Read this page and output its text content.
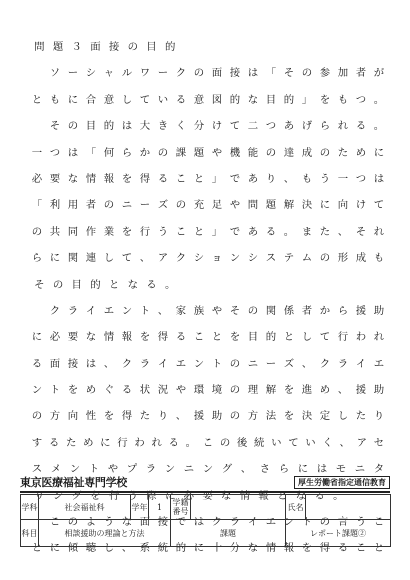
問 題 ３ 面 接 の 目 的

ソ ー シ ャ ル ワ ー ク の 面 接 は 「 そ の 参 加 者 が
と も に 合 意 し て い る 意 図 的 な 目 的 」 を も つ 。

そ の 目 的 は 大 き く 分 け て 二 つ あ げ ら れ る 。
一 つ は 「 何 ら か の 課 題 や 機 能 の 達 成 の た め に
必 要 な 情 報 を 得 る こ と 」 で あ り 、 も う 一 つ は
「 利 用 者 の ニ ー ズ の 充 足 や 問 題 解 決 に 向 け て
の 共 同 作 業 を 行 う こ と 」 で あ る 。 ま た 、 そ れ
ら に 関 連 し て 、 ア ク シ ョ ン シ ス テ ム の 形 成 も
そ の 目 的 と な る 。

ク ラ イ エ ン ト 、 家 族 や そ の 関 係 者 か ら 援 助
に 必 要 な 情 報 を 得 る こ と を 目 的 と し て 行 わ れ
る 面 接 は 、 ク ラ イ エ ン ト の ニ ー ズ 、 ク ラ イ エ
ン ト を め ぐ る 状 況 や 環 境 の 理 解 を 進 め 、 援 助
の 方 向 性 を 得 た り 、 援 助 の 方 法 を 決 定 し た り
す る た め に 行 わ れ る 。 こ の 後 続 い て い く 、 ア セ
ス メ ン ト や プ ラ ン ニ ン グ 、 さ ら に は モ ニ タ
リ ン グ を 行 う 際 に 必 要 な 情 報 と な る 。

こ の よ う な 面 接 で は ク ラ イ エ ン ト の 言 う こ
と に 傾 聴 し 、 系 統 的 に 十 分 な 情 報 を 得 る こ と
東京医療福祉専門学校	厚生労働省指定通信教育
学科	社会福祉科	学年	1	学籍番号		氏名	
科目	相談援助の理論と方法			課題		レポート課題②	
